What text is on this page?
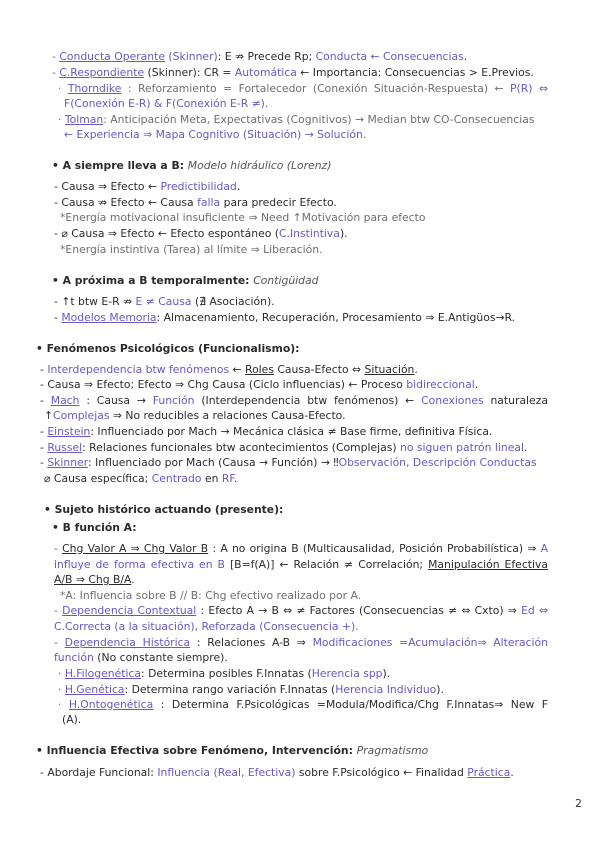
- Conducta Operante (Skinner): E ⇏ Precede Rp; Conducta ← Consecuencias.
- C.Respondiente (Skinner): CR = Automática ← Importancia: Consecuencias > E.Previos.
· Thorndike : Reforzamiento = Fortalecedor (Conexión Situación-Respuesta) ← P(R) ⇔
F(Conexión E-R) & F(Conexión E-R ≠).
· Tolman: Anticipación Meta, Expectativas (Cognitivos) → Median btw CO-Consecuencias
← Experiencia ⇒ Mapa Cognitivo (Situación) → Solución.
• A siempre lleva a B: Modelo hidráulico (Lorenz)
- Causa ⇒ Efecto ← Predictibilidad.
- Causa ⇏ Efecto ← Causa falla para predecir Efecto.
*Energía motivacional insuficiente ⇒ Need ↑Motivación para efecto
- ⌀ Causa ⇒ Efecto ← Efecto espontáneo (C.Instintiva).
*Energía instintiva (Tarea) al límite ⇒ Liberación.
• A próxima a B temporalmente: Contigüidad
- ↑t btw E-R ⇏ E ≠ Causa (∄ Asociación).
- Modelos Memoria: Almacenamiento, Recuperación, Procesamiento ⇒ E.Antigüos→R.
• Fenómenos Psicológicos (Funcionalismo):
- Interdependencia btw fenómenos ← Roles Causa-Efecto ⇔ Situación.
- Causa ⇒ Efecto; Efecto ⇒ Chg Causa (Ciclo influencias) ← Proceso bidireccional.
- Mach : Causa → Función (Interdependencia btw fenómenos) ← Conexiones naturaleza
↑Complejas ⇒ No reducibles a relaciones Causa-Efecto.
- Einstein: Influenciado por Mach → Mecánica clásica ≠ Base firme, definitiva Física.
- Russel: Relaciones funcionales btw acontecimientos (Complejas) no siguen patrón lineal.
- Skinner: Influenciado por Mach (Causa → Función) → ‼Observación, Descripción Conductas
⌀ Causa específica; Centrado en RF.
• Sujeto histórico actuando (presente):
• B función A:
- Chg Valor A ⇒ Chg Valor B : A no origina B (Multicausalidad, Posición Probabilística) ⇒ A
influye de forma efectiva en B [B=f(A)] ← Relación ≠ Correlación; Manipulación Efectiva
A/B ⇒ Chg B/A.
*A: Influencia sobre B // B: Chg efectivo realizado por A.
- Dependencia Contextual : Efecto A → B ⇔ ≠ Factores (Consecuencias ≠ ⇔ Cxto) ⇒ Ed ⇔
C.Correcta (a la situación), Reforzada (Consecuencia +).
- Dependencia Histórica : Relaciones A-B ⇒ Modificaciones =Acumulación⇒ Alteración
función (No constante siempre).
· H.Filogenética: Determina posibles F.Innatas (Herencia spp).
· H.Genética: Determina rango variación F.Innatas (Herencia Individuo).
· H.Ontogenética : Determina F.Psicológicas =Modula/Modifica/Chg F.Innatas⇒ New F
(A).
• Influencia Efectiva sobre Fenómeno, Intervención: Pragmatismo
- Abordaje Funcional: Influencia (Real, Efectiva) sobre F.Psicológico ← Finalidad Práctica.
2
